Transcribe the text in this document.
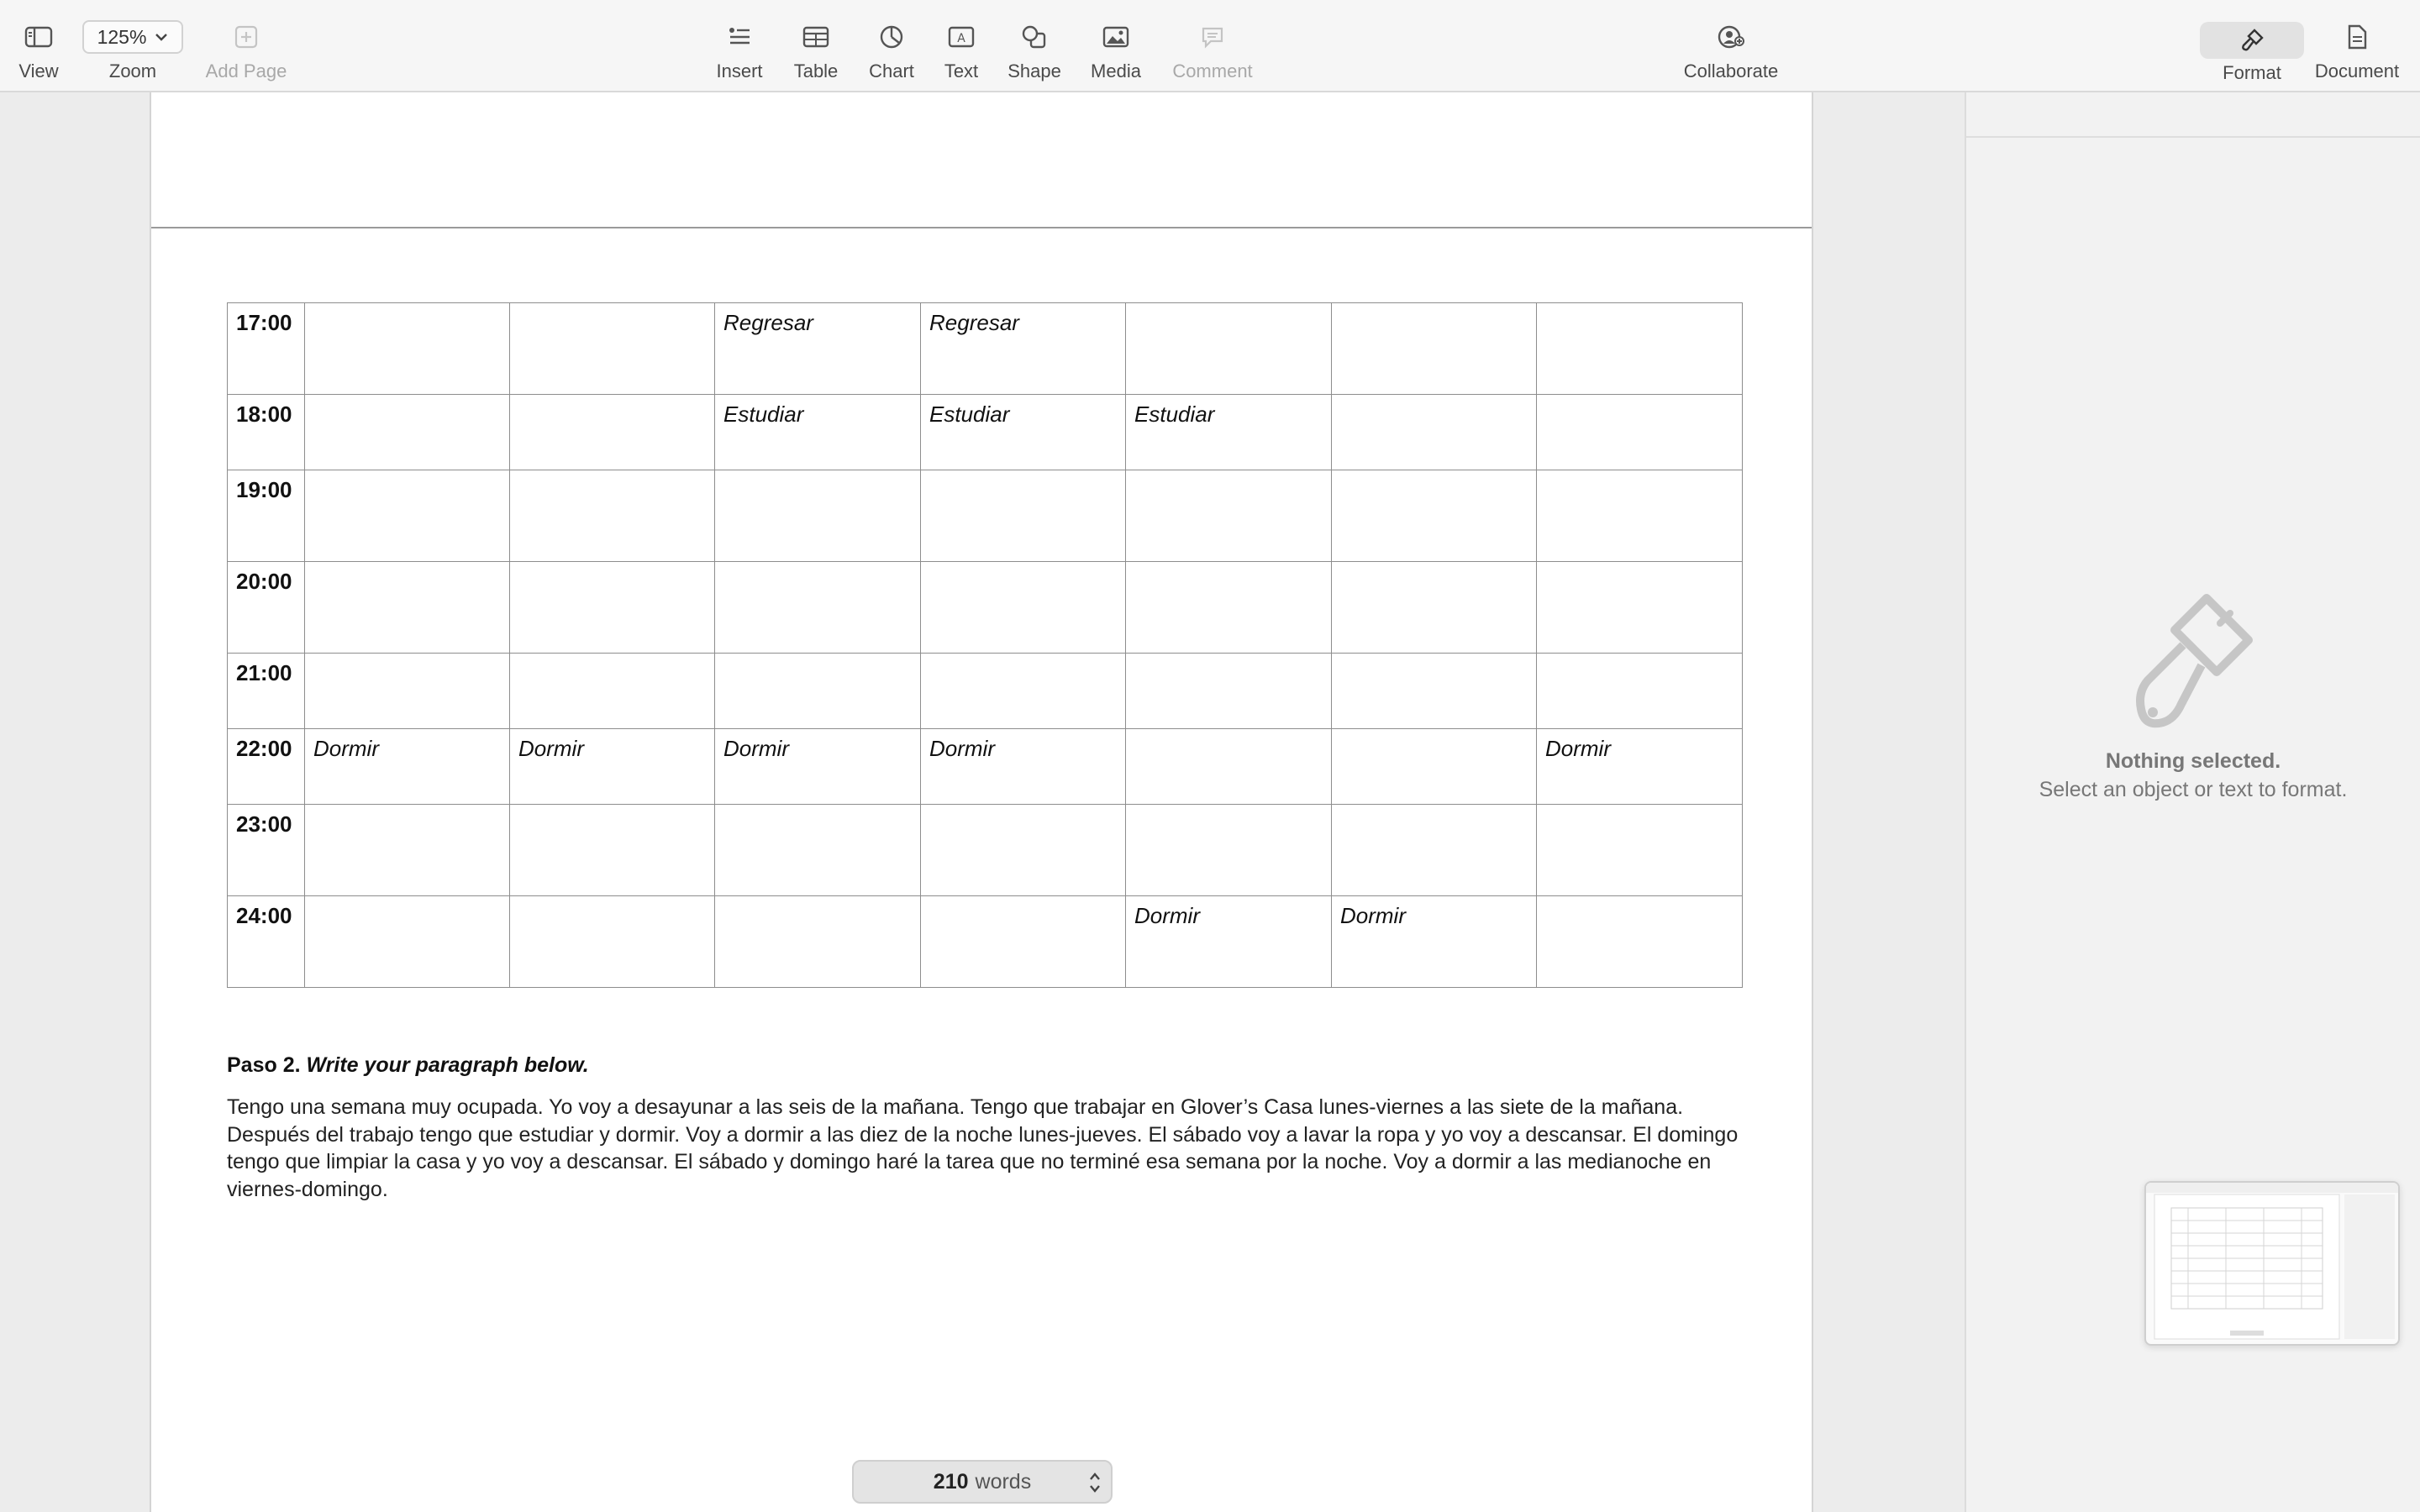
View
125%
Zoom	Add Page	Insert Table Chart
A
Text Shape Media Comment	Collaborate	Format Document
17:00			Regresar	Regresar			
18:00			Estudiar	Estudiar	Estudiar		
19:00							
20:00							
21:00							
22:00	Dormir	Dormir	Dormir	Dormir			Dormir
23:00							
24:00					Dormir	Dormir	
Paso 2. Write your paragraph below.
Tengo una semana muy ocupada. Yo voy a desayunar a las seis de la mañana. Tengo que trabajar en Glover’s Casa lunes-viernes a las siete de la mañana. Después del trabajo tengo que estudiar y dormir. Voy a dormir a las diez de la noche lunes-jueves. El sábado voy a lavar la ropa y yo voy a descansar. El domingo tengo que limpiar la casa y yo voy a descansar. El sábado y domingo haré la tarea que no terminé esa semana por la noche. Voy a dormir a las medianoche en viernes-domingo.
210 words
Nothing selected.
Select an object or text to format.
